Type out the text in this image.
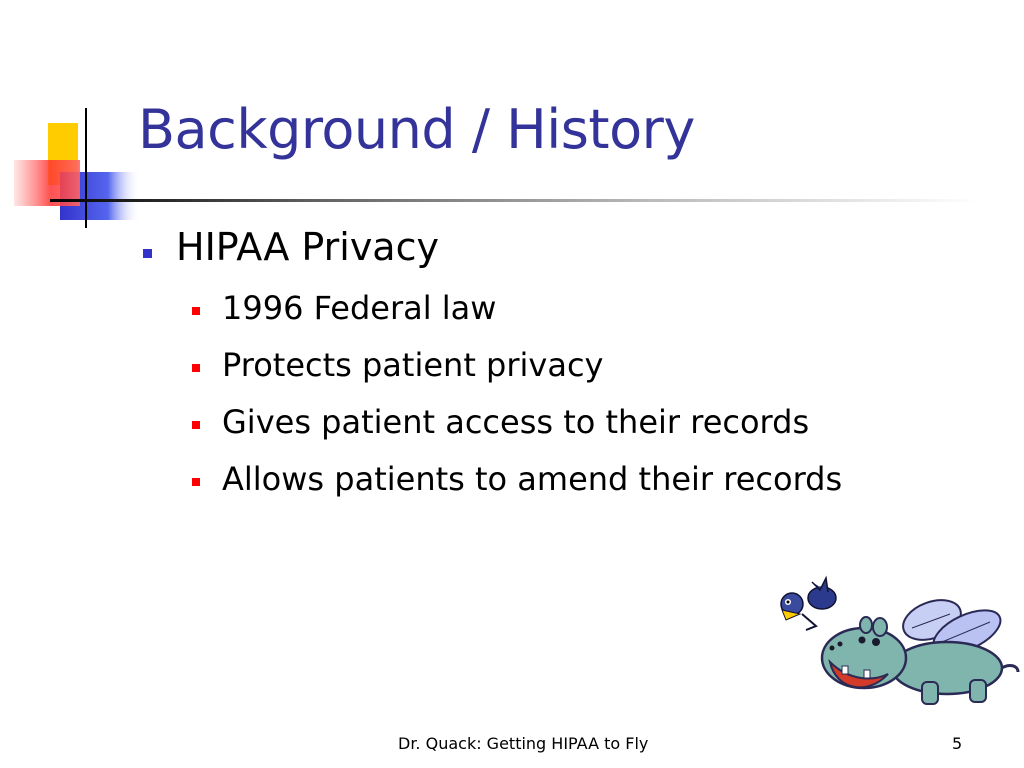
Background / History
HIPAA Privacy
1996 Federal law
Protects patient privacy
Gives patient access to their records
Allows patients to amend their records
Dr. Quack: Getting HIPAA to Fly	5
